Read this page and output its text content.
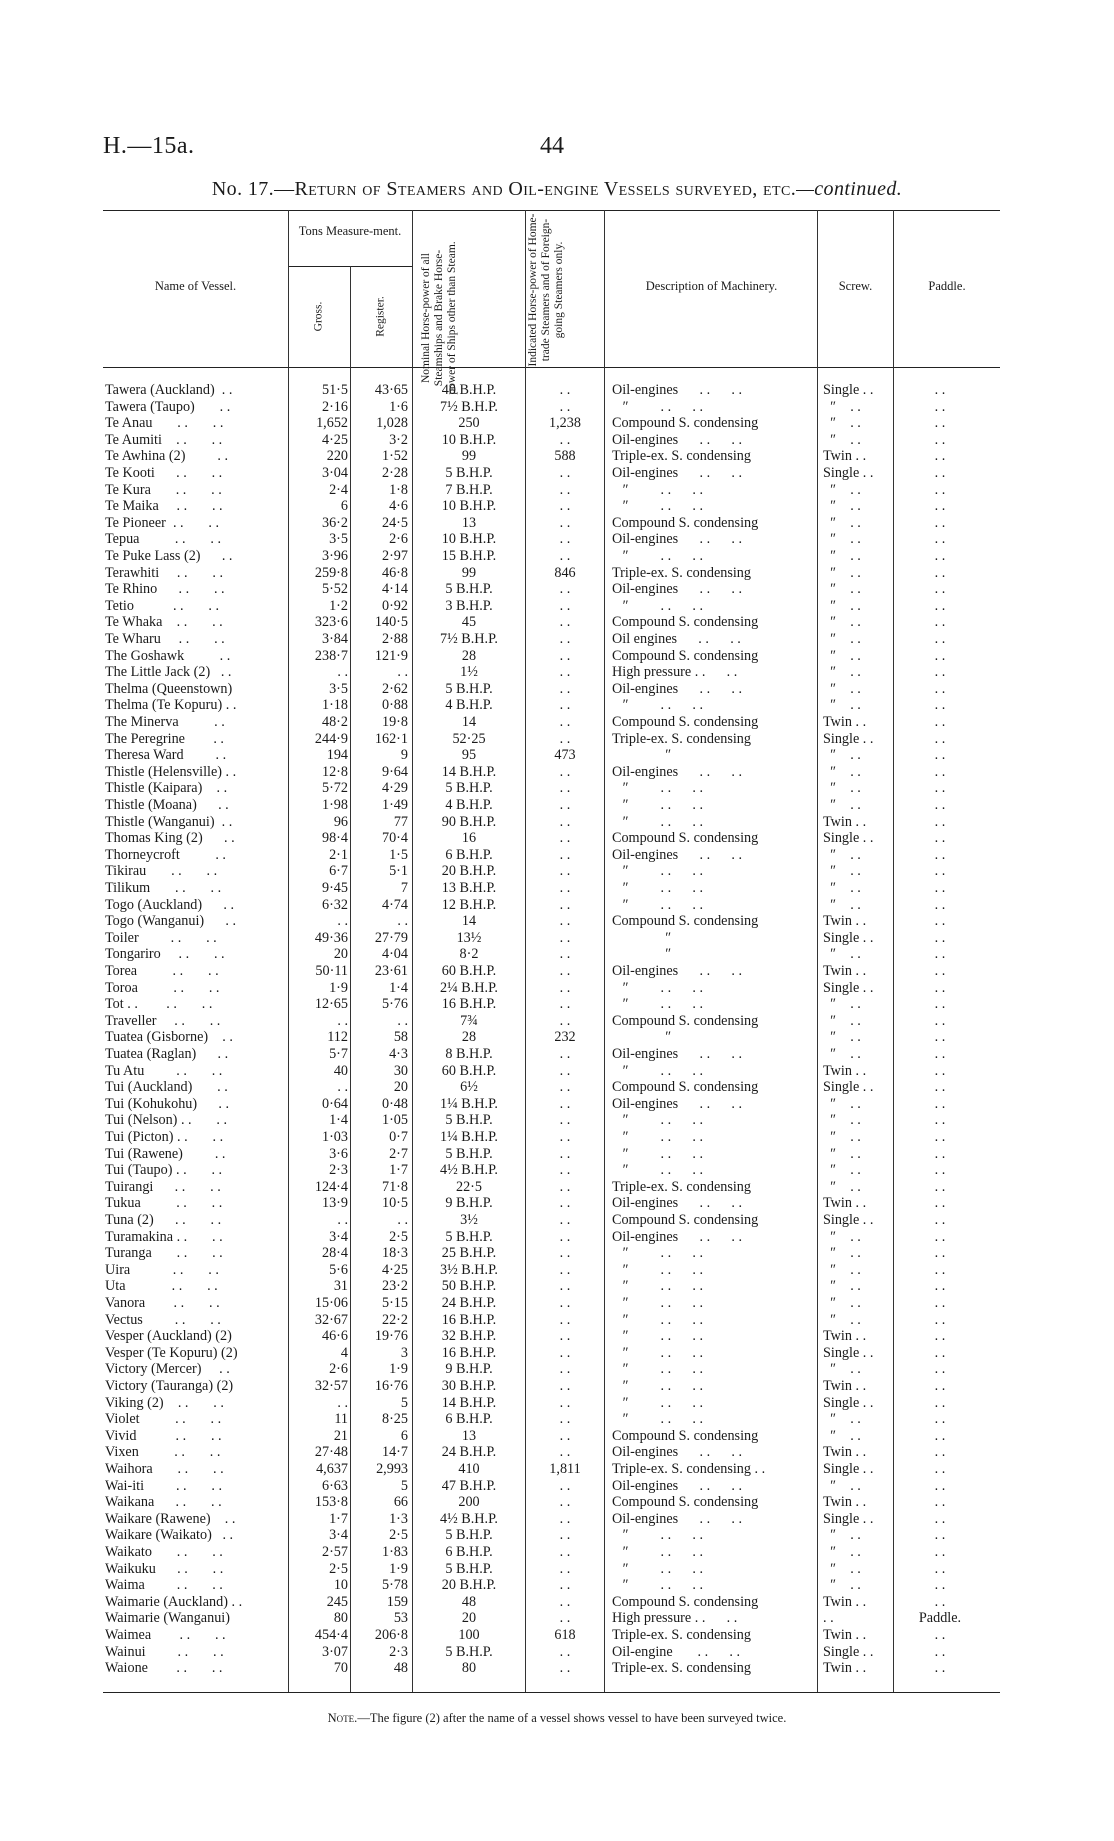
H.—15a.	44
No. 17.—Return of Steamers and Oil-engine Vessels surveyed, etc.—continued.
Name of Vessel.
Tons Measure-ment.
Gross.	Register.	Nominal Horse-power of all Steamships and Brake Horse-power of Ships other than Steam.	Indicated Horse-power of Home-trade Steamers and of Foreign-going Steamers only.	Description of Machinery.	Screw.	Paddle.
Tawera (Auckland)  . .	51·5	43·65	40 B.H.P.	. .	Oil-engines      . .      . .	Single . .	. .
Tawera (Taupo)       . .	2·16	1·6	7½ B.H.P.	. .	″         . .      . .	″    . .	. .
Te Anau       . .       . .	1,652	1,028	250	1,238	Compound S. condensing	″    . .	. .
Te Aumiti    . .       . .	4·25	3·2	10 B.H.P.	. .	Oil-engines      . .      . .	″    . .	. .
Te Awhina (2)         . .	220	1·52	99	588	Triple-ex. S. condensing	Twin . .	. .
Te Kooti      . .       . .	3·04	2·28	5 B.H.P.	. .	Oil-engines      . .      . .	Single . .	. .
Te Kura       . .       . .	2·4	1·8	7 B.H.P.	. .	″         . .      . .	″    . .	. .
Te Maika     . .       . .	6	4·6	10 B.H.P.	. .	″         . .      . .	″    . .	. .
Te Pioneer  . .       . .	36·2	24·5	13	. .	Compound S. condensing	″    . .	. .
Tepua          . .       . .	3·5	2·6	10 B.H.P.	. .	Oil-engines      . .      . .	″    . .	. .
Te Puke Lass (2)      . .	3·96	2·97	15 B.H.P.	. .	″         . .      . .	″    . .	. .
Terawhiti     . .       . .	259·8	46·8	99	846	Triple-ex. S. condensing	″    . .	. .
Te Rhino      . .       . .	5·52	4·14	5 B.H.P.	. .	Oil-engines      . .      . .	″    . .	. .
Tetio           . .       . .	1·2	0·92	3 B.H.P.	. .	″         . .      . .	″    . .	. .
Te Whaka    . .       . .	323·6	140·5	45	. .	Compound S. condensing	″    . .	. .
Te Wharu     . .       . .	3·84	2·88	7½ B.H.P.	. .	Oil engines      . .      . .	″    . .	. .
The Goshawk          . .	238·7	121·9	28	. .	Compound S. condensing	″    . .	. .
The Little Jack (2)   . .	. .	. .	1½	. .	High pressure . .      . .	″    . .	. .
Thelma (Queenstown)	3·5	2·62	5 B.H.P.	. .	Oil-engines      . .      . .	″    . .	. .
Thelma (Te Kopuru) . .	1·18	0·88	4 B.H.P.	. .	″         . .      . .	″    . .	. .
The Minerva          . .	48·2	19·8	14	. .	Compound S. condensing	Twin . .	. .
The Peregrine        . .	244·9	162·1	52·25	. .	Triple-ex. S. condensing	Single . .	. .
Theresa Ward         . .	194	9	95	473	″	″    . .	. .
Thistle (Helensville) . .	12·8	9·64	14 B.H.P.	. .	Oil-engines      . .      . .	″    . .	. .
Thistle (Kaipara)    . .	5·72	4·29	5 B.H.P.	. .	″         . .      . .	″    . .	. .
Thistle (Moana)      . .	1·98	1·49	4 B.H.P.	. .	″         . .      . .	″    . .	. .
Thistle (Wanganui)  . .	96	77	90 B.H.P.	. .	″         . .      . .	Twin . .	. .
Thomas King (2)      . .	98·4	70·4	16	. .	Compound S. condensing	Single . .	. .
Thorneycroft          . .	2·1	1·5	6 B.H.P.	. .	Oil-engines      . .      . .	″    . .	. .
Tikirau       . .       . .	6·7	5·1	20 B.H.P.	. .	″         . .      . .	″    . .	. .
Tilikum       . .       . .	9·45	7	13 B.H.P.	. .	″         . .      . .	″    . .	. .
Togo (Auckland)      . .	6·32	4·74	12 B.H.P.	. .	″         . .      . .	″    . .	. .
Togo (Wanganui)      . .	. .	. .	14	. .	Compound S. condensing	Twin . .	. .
Toiler         . .       . .	49·36	27·79	13½	. .	″	Single . .	. .
Tongariro     . .       . .	20	4·04	8·2	. .	″	″    . .	. .
Torea          . .       . .	50·11	23·61	60 B.H.P.	. .	Oil-engines      . .      . .	Twin . .	. .
Toroa          . .       . .	1·9	1·4	2¼ B.H.P.	. .	″         . .      . .	Single . .	. .
Tot . .        . .       . .	12·65	5·76	16 B.H.P.	. .	″         . .      . .	″    . .	. .
Traveller     . .       . .	. .	. .	7¾	. .	Compound S. condensing	″    . .	. .
Tuatea (Gisborne)    . .	112	58	28	232	″	″    . .	. .
Tuatea (Raglan)      . .	5·7	4·3	8 B.H.P.	. .	Oil-engines      . .      . .	″    . .	. .
Tu Atu         . .       . .	40	30	60 B.H.P.	. .	″         . .      . .	Twin . .	. .
Tui (Auckland)       . .	. .	20	6½	. .	Compound S. condensing	Single . .	. .
Tui (Kohukohu)      . .	0·64	0·48	1¼ B.H.P.	. .	Oil-engines      . .      . .	″    . .	. .
Tui (Nelson) . .       . .	1·4	1·05	5 B.H.P.	. .	″         . .      . .	″    . .	. .
Tui (Picton) . .       . .	1·03	0·7	1¼ B.H.P.	. .	″         . .      . .	″    . .	. .
Tui (Rawene)         . .	3·6	2·7	5 B.H.P.	. .	″         . .      . .	″    . .	. .
Tui (Taupo) . .       . .	2·3	1·7	4½ B.H.P.	. .	″         . .      . .	″    . .	. .
Tuirangi      . .       . .	124·4	71·8	22·5	. .	Triple-ex. S. condensing	″    . .	. .
Tukua          . .       . .	13·9	10·5	9 B.H.P.	. .	Oil-engines      . .      . .	Twin . .	. .
Tuna (2)      . .       . .	. .	. .	3½	. .	Compound S. condensing	Single . .	. .
Turamakina . .       . .	3·4	2·5	5 B.H.P.	. .	Oil-engines      . .      . .	″    . .	. .
Turanga       . .       . .	28·4	18·3	25 B.H.P.	. .	″         . .      . .	″    . .	. .
Uira            . .       . .	5·6	4·25	3½ B.H.P.	. .	″         . .      . .	″    . .	. .
Uta             . .       . .	31	23·2	50 B.H.P.	. .	″         . .      . .	″    . .	. .
Vanora        . .       . .	15·06	5·15	24 B.H.P.	. .	″         . .      . .	″    . .	. .
Vectus         . .       . .	32·67	22·2	16 B.H.P.	. .	″         . .      . .	″    . .	. .
Vesper (Auckland) (2)	46·6	19·76	32 B.H.P.	. .	″         . .      . .	Twin . .	. .
Vesper (Te Kopuru) (2)	4	3	16 B.H.P.	. .	″         . .      . .	Single . .	. .
Victory (Mercer)     . .	2·6	1·9	9 B.H.P.	. .	″         . .      . .	″    . .	. .
Victory (Tauranga) (2)	32·57	16·76	30 B.H.P.	. .	″         . .      . .	Twin . .	. .
Viking (2)    . .       . .	. .	5	14 B.H.P.	. .	″         . .      . .	Single . .	. .
Violet          . .       . .	11	8·25	6 B.H.P.	. .	″         . .      . .	″    . .	. .
Vivid           . .       . .	21	6	13	. .	Compound S. condensing	″    . .	. .
Vixen          . .       . .	27·48	14·7	24 B.H.P.	. .	Oil-engines      . .      . .	Twin . .	. .
Waihora       . .       . .	4,637	2,993	410	1,811	Triple-ex. S. condensing . .	Single . .	. .
Wai-iti         . .       . .	6·63	5	47 B.H.P.	. .	Oil-engines      . .      . .	″    . .	. .
Waikana      . .       . .	153·8	66	200	. .	Compound S. condensing	Twin . .	. .
Waikare (Rawene)    . .	1·7	1·3	4½ B.H.P.	. .	Oil-engines      . .      . .	Single . .	. .
Waikare (Waikato)   . .	3·4	2·5	5 B.H.P.	. .	″         . .      . .	″    . .	. .
Waikato       . .       . .	2·57	1·83	6 B.H.P.	. .	″         . .      . .	″    . .	. .
Waikuku      . .       . .	2·5	1·9	5 B.H.P.	. .	″         . .      . .	″    . .	. .
Waima         . .       . .	10	5·78	20 B.H.P.	. .	″         . .      . .	″    . .	. .
Waimarie (Auckland) . .	245	159	48	. .	Compound S. condensing	Twin . .	. .
Waimarie (Wanganui)	80	53	20	. .	High pressure . .      . .	. .	Paddle.
Waimea        . .       . .	454·4	206·8	100	618	Triple-ex. S. condensing	Twin . .	. .
Wainui         . .       . .	3·07	2·3	5 B.H.P.	. .	Oil-engine       . .      . .	Single . .	. .
Waione        . .       . .	70	48	80	. .	Triple-ex. S. condensing	Twin . .	. .
Note.—The figure (2) after the name of a vessel shows vessel to have been surveyed twice.
